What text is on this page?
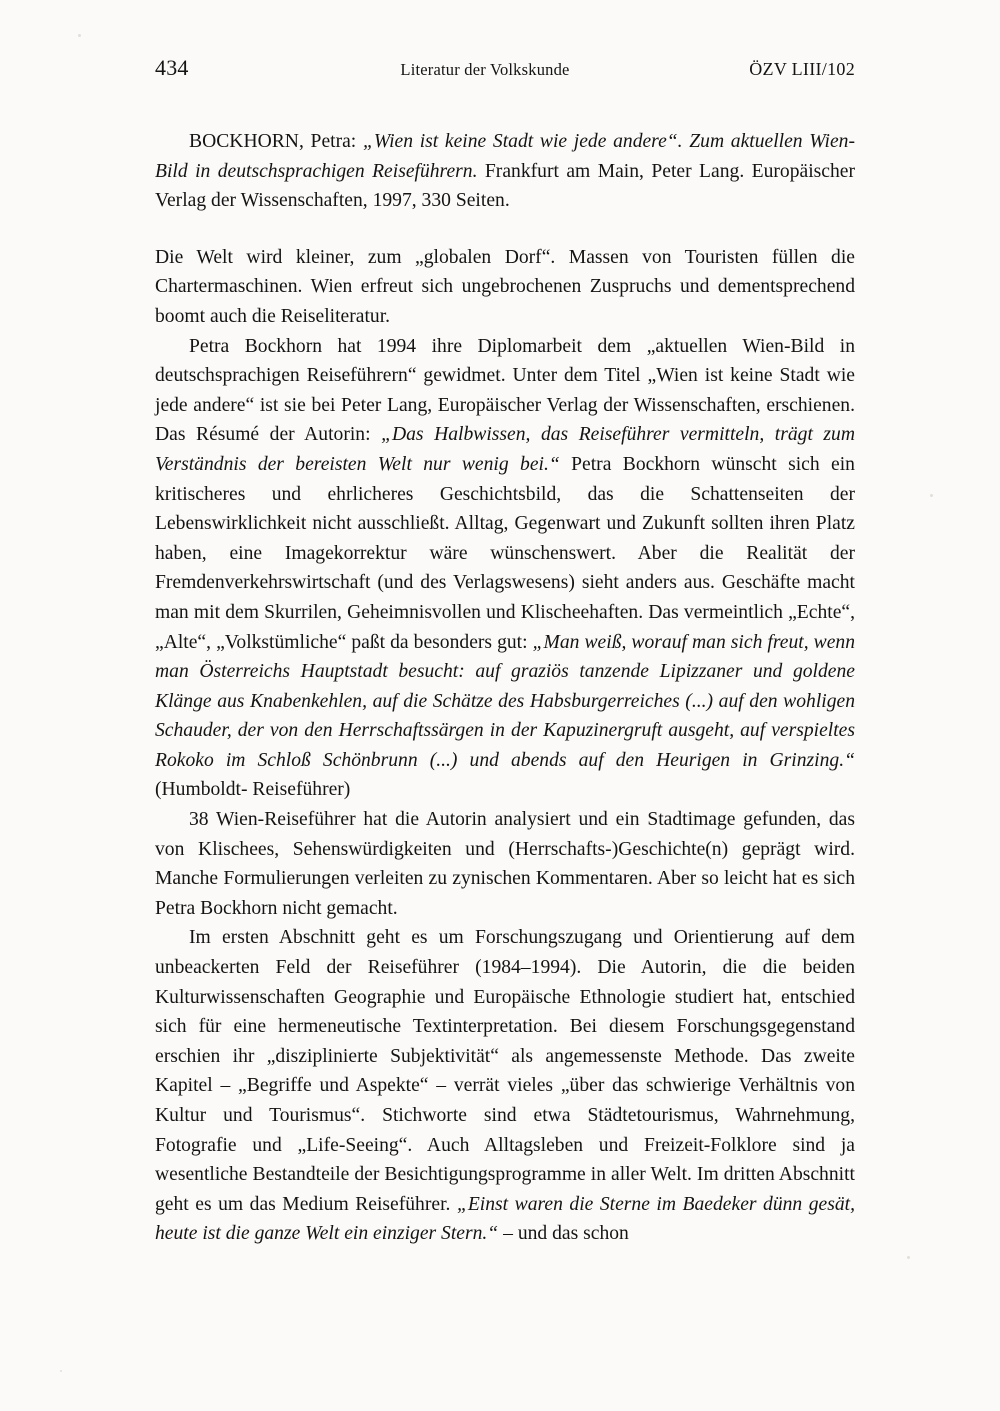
434	Literatur der Volkskunde	ÖZV LIII/102

BOCKHORN, Petra: „Wien ist keine Stadt wie jede andere“. Zum aktuellen Wien-Bild in deutschsprachigen Reiseführern. Frankfurt am Main, Peter Lang. Europäischer Verlag der Wissenschaften, 1997, 330 Seiten.

Die Welt wird kleiner, zum „globalen Dorf“. Massen von Touristen füllen die Chartermaschinen. Wien erfreut sich ungebrochenen Zuspruchs und dementsprechend boomt auch die Reiseliteratur.

Petra Bockhorn hat 1994 ihre Diplomarbeit dem „aktuellen Wien-Bild in deutschsprachigen Reiseführern“ gewidmet. Unter dem Titel „Wien ist keine Stadt wie jede andere“ ist sie bei Peter Lang, Europäischer Verlag der Wissenschaften, erschienen. Das Résumé der Autorin: „Das Halbwissen, das Reiseführer vermitteln, trägt zum Verständnis der bereisten Welt nur wenig bei.“ Petra Bockhorn wünscht sich ein kritischeres und ehrlicheres Geschichtsbild, das die Schattenseiten der Lebenswirklichkeit nicht ausschließt. Alltag, Gegenwart und Zukunft sollten ihren Platz haben, eine Imagekorrektur wäre wünschenswert. Aber die Realität der Fremdenverkehrswirtschaft (und des Verlagswesens) sieht anders aus. Geschäfte macht man mit dem Skurrilen, Geheimnisvollen und Klischeehaften. Das vermeintlich „Echte“, „Alte“, „Volkstümliche“ paßt da besonders gut: „Man weiß, worauf man sich freut, wenn man Österreichs Hauptstadt besucht: auf graziös tanzende Lipizzaner und goldene Klänge aus Knabenkehlen, auf die Schätze des Habsburgerreiches (...) auf den wohligen Schauder, der von den Herrschaftssärgen in der Kapuzinergruft ausgeht, auf verspieltes Rokoko im Schloß Schönbrunn (...) und abends auf den Heurigen in Grinzing.“ (Humboldt- Reiseführer)

38 Wien-Reiseführer hat die Autorin analysiert und ein Stadtimage gefunden, das von Klischees, Sehenswürdigkeiten und (Herrschafts-)Geschichte(n) geprägt wird. Manche Formulierungen verleiten zu zynischen Kommentaren. Aber so leicht hat es sich Petra Bockhorn nicht gemacht.

Im ersten Abschnitt geht es um Forschungszugang und Orientierung auf dem unbeackerten Feld der Reiseführer (1984–1994). Die Autorin, die die beiden Kulturwissenschaften Geographie und Europäische Ethnologie studiert hat, entschied sich für eine hermeneutische Textinterpretation. Bei diesem Forschungsgegenstand erschien ihr „disziplinierte Subjektivität“ als angemessenste Methode. Das zweite Kapitel – „Begriffe und Aspekte“ – verrät vieles „über das schwierige Verhältnis von Kultur und Tourismus“. Stichworte sind etwa Städtetourismus, Wahrnehmung, Fotografie und „Life-Seeing“. Auch Alltagsleben und Freizeit-Folklore sind ja wesentliche Bestandteile der Besichtigungsprogramme in aller Welt. Im dritten Abschnitt geht es um das Medium Reiseführer. „Einst waren die Sterne im Baedeker dünn gesät, heute ist die ganze Welt ein einziger Stern.“ – und das schon
